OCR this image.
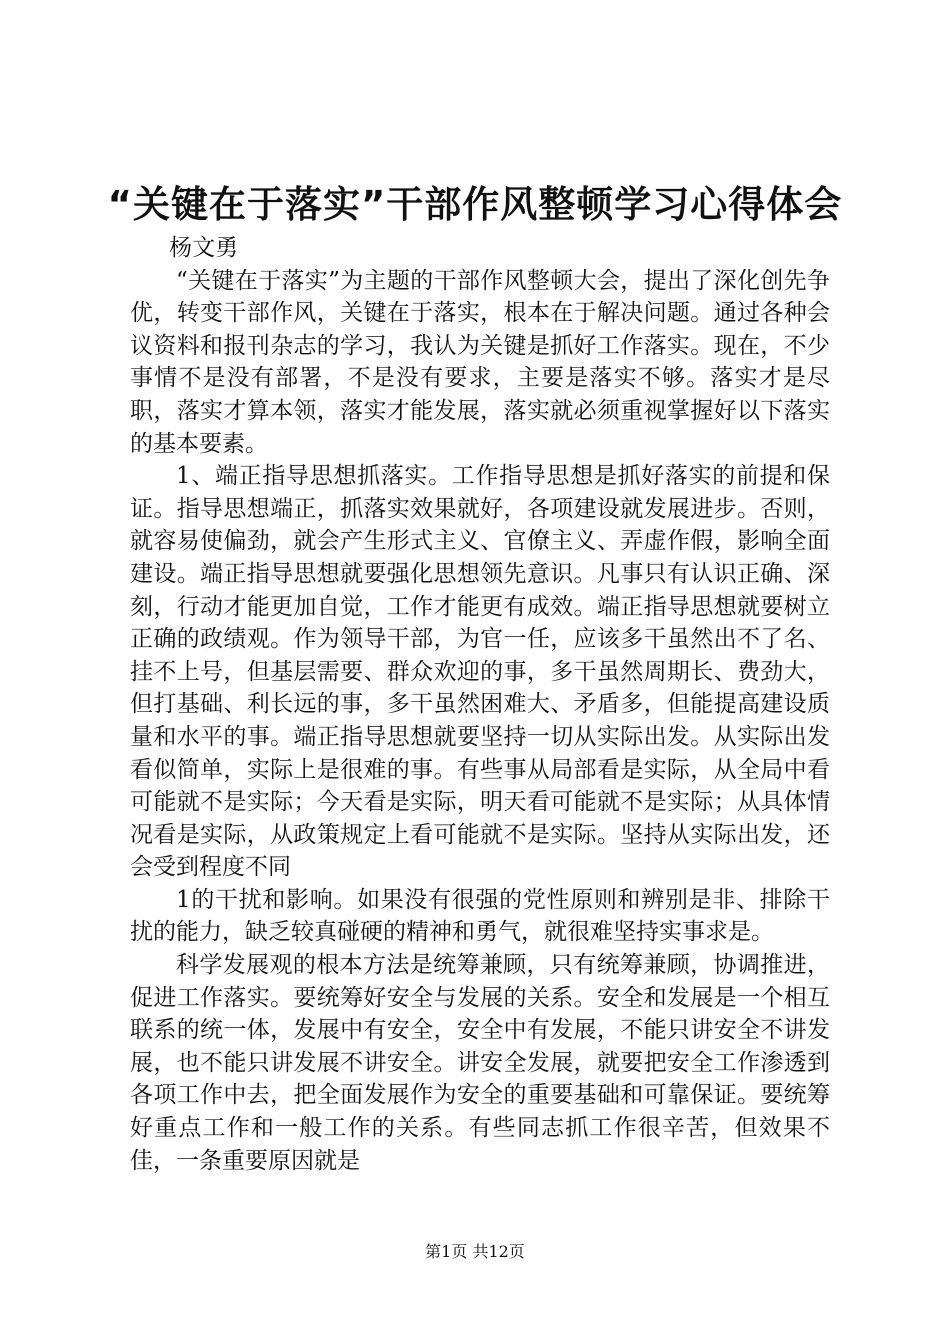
“关键在于落实”干部作风整顿学习心得体会

杨文勇

“关键在于落实”为主题的干部作风整顿大会，提出了深化创先争优，转变干部作风，关键在于落实，根本在于解决问题。通过各种会议资料和报刊杂志的学习，我认为关键是抓好工作落实。现在，不少事情不是没有部署，不是没有要求，主要是落实不够。落实才是尽职，落实才算本领，落实才能发展，落实就必须重视掌握好以下落实的基本要素。

1、端正指导思想抓落实。工作指导思想是抓好落实的前提和保证。指导思想端正，抓落实效果就好，各项建设就发展进步。否则，就容易使偏劲，就会产生形式主义、官僚主义、弄虚作假，影响全面建设。端正指导思想就要强化思想领先意识。凡事只有认识正确、深刻，行动才能更加自觉，工作才能更有成效。端正指导思想就要树立正确的政绩观。作为领导干部，为官一任，应该多干虽然出不了名、挂不上号，但基层需要、群众欢迎的事，多干虽然周期长、费劲大，但打基础、利长远的事，多干虽然困难大、矛盾多，但能提高建设质量和水平的事。端正指导思想就要坚持一切从实际出发。从实际出发看似简单，实际上是很难的事。有些事从局部看是实际，从全局中看可能就不是实际；今天看是实际，明天看可能就不是实际；从具体情况看是实际，从政策规定上看可能就不是实际。坚持从实际出发，还会受到程度不同

1的干扰和影响。如果没有很强的党性原则和辨别是非、排除干扰的能力，缺乏较真碰硬的精神和勇气，就很难坚持实事求是。

科学发展观的根本方法是统筹兼顾，只有统筹兼顾，协调推进，促进工作落实。要统筹好安全与发展的关系。安全和发展是一个相互联系的统一体，发展中有安全，安全中有发展，不能只讲安全不讲发展，也不能只讲发展不讲安全。讲安全发展，就要把安全工作渗透到各项工作中去，把全面发展作为安全的重要基础和可靠保证。要统筹好重点工作和一般工作的关系。有些同志抓工作很辛苦，但效果不佳，一条重要原因就是

第1页 共12页
